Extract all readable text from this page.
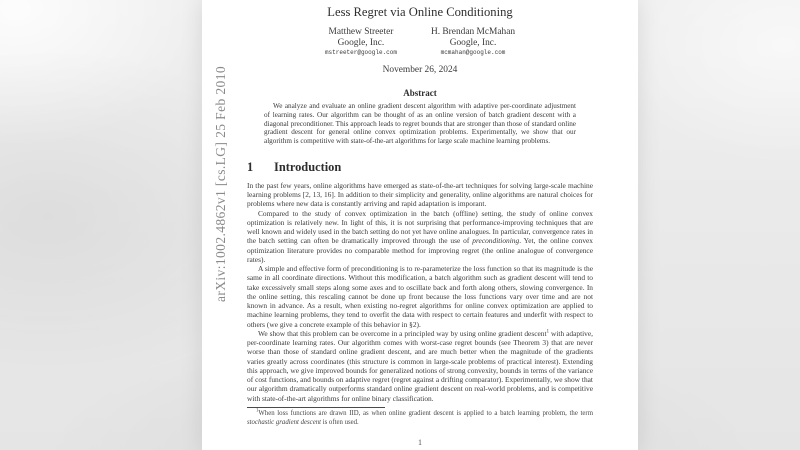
arXiv:1002.4862v1 [cs.LG] 25 Feb 2010
Less Regret via Online Conditioning
Matthew Streeter
Google, Inc.
mstreeter@google.com
H. Brendan McMahan
Google, Inc.
mcmahan@google.com
November 26, 2024
Abstract

We analyze and evaluate an online gradient descent algorithm with adaptive per-coordinate adjustment of learning rates. Our algorithm can be thought of as an online version of batch gradient descent with a diagonal preconditioner. This approach leads to regret bounds that are stronger than those of standard online gradient descent for general online convex optimization problems. Experimentally, we show that our algorithm is competitive with state-of-the-art algorithms for large scale machine learning problems.

1 Introduction

In the past few years, online algorithms have emerged as state-of-the-art techniques for solving large-scale machine learning problems [2, 13, 16]. In addition to their simplicity and generality, online algorithms are natural choices for problems where new data is constantly arriving and rapid adaptation is imporant.

Compared to the study of convex optimization in the batch (offline) setting, the study of online convex optimization is relatively new. In light of this, it is not surprising that performance-improving techniques that are well known and widely used in the batch setting do not yet have online analogues. In particular, convergence rates in the batch setting can often be dramatically improved through the use of preconditioning. Yet, the online convex optimization literature provides no comparable method for improving regret (the online analogue of convergence rates).

A simple and effective form of preconditioning is to re-parameterize the loss function so that its magnitude is the same in all coordinate directions. Without this modification, a batch algorithm such as gradient descent will tend to take excessively small steps along some axes and to oscillate back and forth along others, slowing convergence. In the online setting, this rescaling cannot be done up front because the loss functions vary over time and are not known in advance. As a result, when existing no-regret algorithms for online convex optimization are applied to machine learning problems, they tend to overfit the data with respect to certain features and underfit with respect to others (we give a concrete example of this behavior in §2).

We show that this problem can be overcome in a principled way by using online gradient descent$^1$ with adaptive, per-coordinate learning rates. Our algorithm comes with worst-case regret bounds (see Theorem 3) that are never worse than those of standard online gradient descent, and are much better when the magnitude of the gradients varies greatly across coordinates (this structure is common in large-scale problems of practical interest). Extending this approach, we give improved bounds for generalized notions of strong convexity, bounds in terms of the variance of cost functions, and bounds on adaptive regret (regret against a drifting comparator). Experimentally, we show that our algorithm dramatically outperforms standard online gradient descent on real-world problems, and is competitive with state-of-the-art algorithms for online binary classification.

$^1$When loss functions are drawn IID, as when online gradient descent is applied to a batch learning problem, the term stochastic gradient descent is often used.
1
